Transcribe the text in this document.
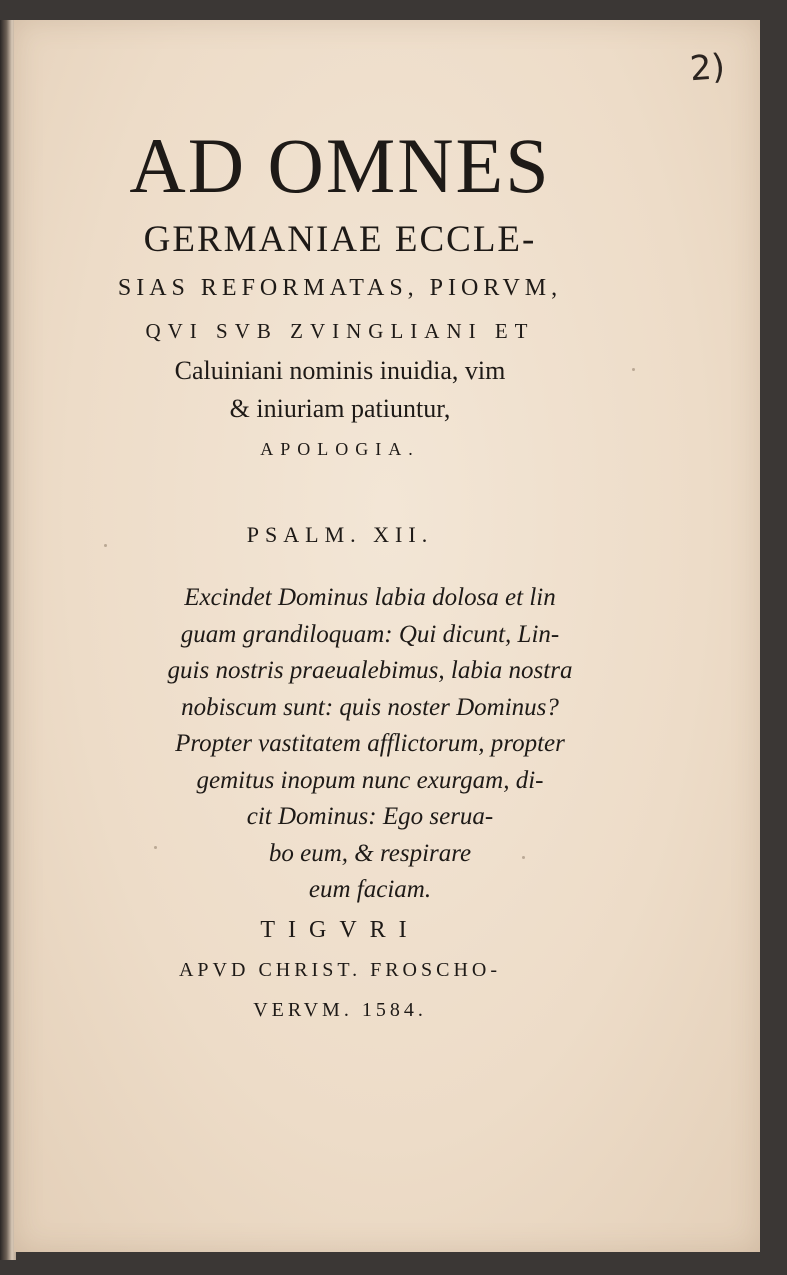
2)
AD OMNES

GERMANIAE ECCLE-

SIAS REFORMATAS, PIORVM,

QVI SVB ZVINGLIANI ET

Caluiniani nominis inuidia, vim

& iniuriam patiuntur,

APOLOGIA.

PSALM. XII.

Excindet Dominus labia dolosa et lin
guam grandiloquam: Qui dicunt, Lin-
guis nostris praeualebimus, labia nostra
nobiscum sunt: quis noster Dominus?
Propter vastitatem afflictorum, propter
gemitus inopum nunc exurgam, di-
cit Dominus: Ego serua-
bo eum, & respirare
eum faciam.

TIGVRI

APVD CHRIST. FROSCHO-

VERVM. 1584.
